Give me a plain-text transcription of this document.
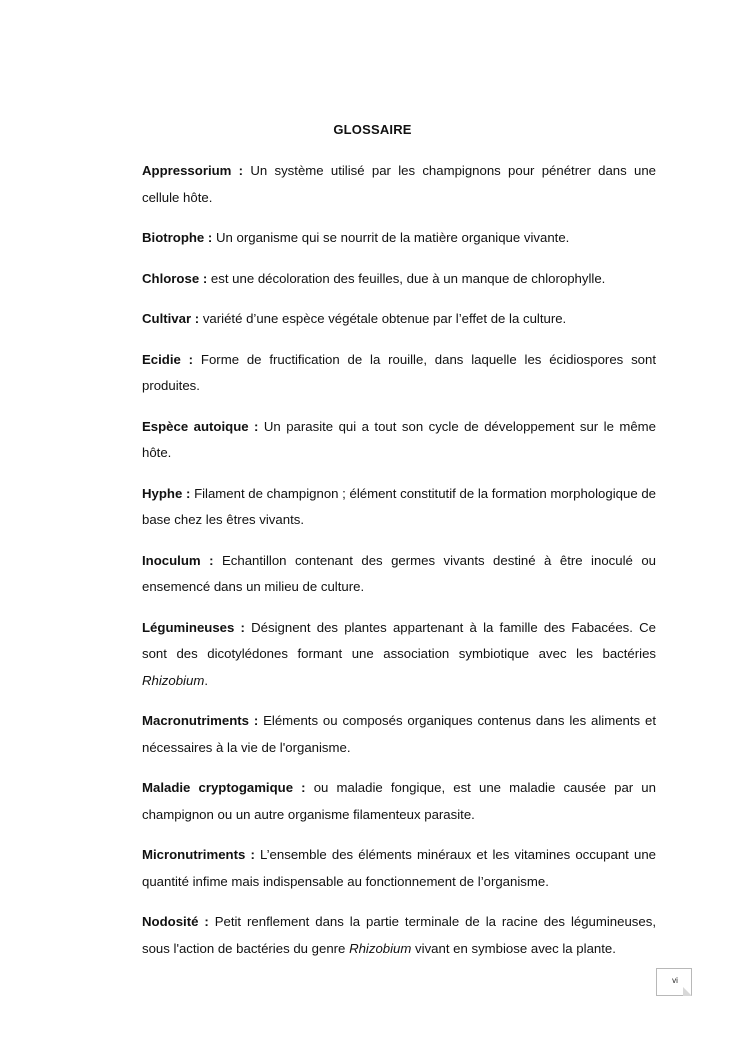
GLOSSAIRE

Appressorium : Un système utilisé par les champignons pour pénétrer dans une cellule hôte.

Biotrophe : Un organisme qui se nourrit de la matière organique vivante.

Chlorose : est une décoloration des feuilles, due à un manque de chlorophylle.

Cultivar : variété d’une espèce végétale obtenue par l’effet de la culture.

Ecidie : Forme de fructification de la rouille, dans laquelle les écidiospores sont produites.

Espèce autoique : Un parasite qui a tout son cycle de développement sur le même hôte.

Hyphe : Filament de champignon ; élément constitutif de la formation morphologique de base chez les êtres vivants.

Inoculum : Echantillon contenant des germes vivants destiné à être inoculé ou ensemencé dans un milieu de culture.

Légumineuses : Désignent des plantes appartenant à la famille des Fabacées. Ce sont des dicotylédones formant une association symbiotique avec les bactéries Rhizobium.

Macronutriments : Eléments ou composés organiques contenus dans les aliments et nécessaires à la vie de l'organisme.

Maladie cryptogamique : ou maladie fongique, est une maladie causée par un champignon ou un autre organisme filamenteux parasite.

Micronutriments : L’ensemble des éléments minéraux et les vitamines occupant une quantité infime mais indispensable au fonctionnement de l’organisme.

Nodosité : Petit renflement dans la partie terminale de la racine des légumineuses, sous l'action de bactéries du genre Rhizobium vivant en symbiose avec la plante.

vi
